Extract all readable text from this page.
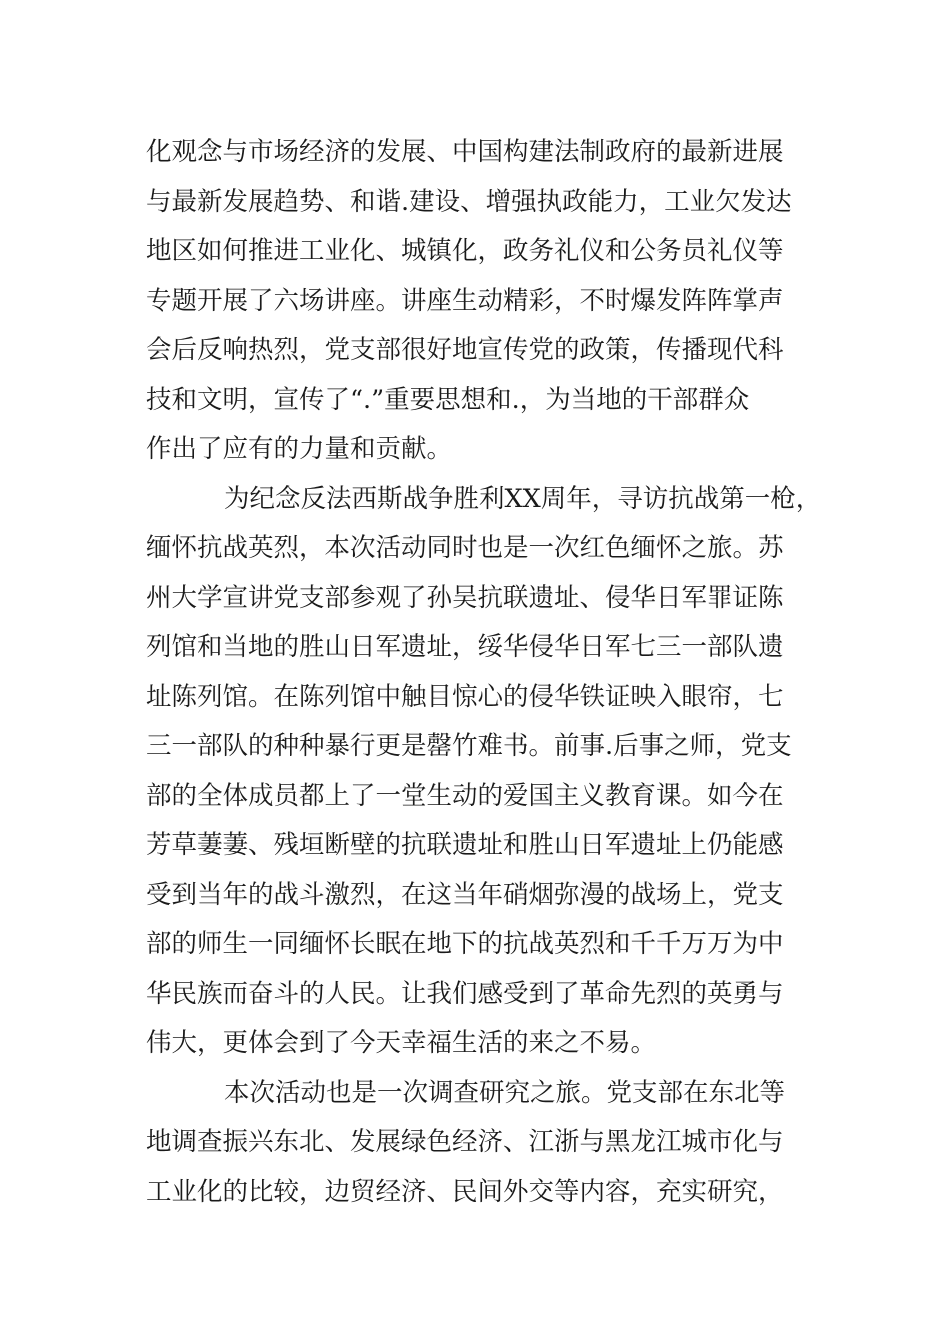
化观念与市场经济的发展、中国构建法制政府的最新进展
与最新发展趋势、和谐.建设、增强执政能力，工业欠发达
地区如何推进工业化、城镇化，政务礼仪和公务员礼仪等
专题开展了六场讲座。讲座生动精彩，不时爆发阵阵掌声
会后反响热烈，党支部很好地宣传党的政策，传播现代科
技和文明，宣传了“.”重要思想和.，为当地的干部群众
作出了应有的力量和贡献。
为纪念反法西斯战争胜利XX周年，寻访抗战第一枪，
缅怀抗战英烈，本次活动同时也是一次红色缅怀之旅。苏
州大学宣讲党支部参观了孙吴抗联遗址、侵华日军罪证陈
列馆和当地的胜山日军遗址，绥华侵华日军七三一部队遗
址陈列馆。在陈列馆中触目惊心的侵华铁证映入眼帘，七
三一部队的种种暴行更是罄竹难书。前事.后事之师，党支
部的全体成员都上了一堂生动的爱国主义教育课。如今在
芳草萋萋、残垣断壁的抗联遗址和胜山日军遗址上仍能感
受到当年的战斗激烈，在这当年硝烟弥漫的战场上，党支
部的师生一同缅怀长眠在地下的抗战英烈和千千万万为中
华民族而奋斗的人民。让我们感受到了革命先烈的英勇与
伟大，更体会到了今天幸福生活的来之不易。
本次活动也是一次调查研究之旅。党支部在东北等
地调查振兴东北、发展绿色经济、江浙与黑龙江城市化与
工业化的比较，边贸经济、民间外交等内容，充实研究，
